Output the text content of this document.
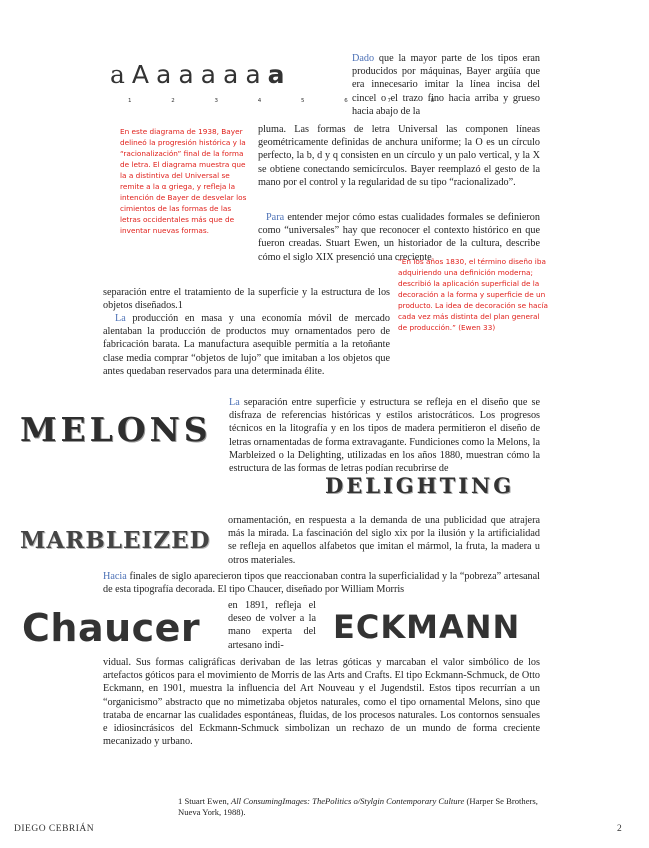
a A a a a a a a
1 2 3 4 5 6 7 8
En este diagrama de 1938, Bayer delineó la progresión histórica y la “racionalización” final de la forma de letra. El diagrama muestra que la a distintiva del Universal se remite a la α griega, y refleja la intención de Bayer de desvelar los cimientos de las formas de las letras occidentales más que de inventar nuevas formas.
Dado que la mayor parte de los tipos eran producidos por máquinas, Bayer argüía que era innecesario imitar la línea incisa del cincel o el trazo fino hacia arriba y grueso hacia abajo de la
pluma. Las formas de letra Universal las componen líneas geométricamente definidas de anchura uniforme; la O es un círculo perfecto, la b, d y q consisten en un círculo y un palo vertical, y la X se obtiene conectando semicírculos. Bayer reemplazó el gesto de la mano por el control y la regularidad de su tipo “racionalizado”.
Para entender mejor cómo estas cualidades formales se definieron como “universales” hay que reconocer el contexto histórico en que fueron creadas. Stuart Ewen, un historiador de la cultura, describe cómo el siglo XIX presenció una creciente
“En los años 1830, el término diseño iba adquiriendo una definición moderna; describió la aplicación superficial de la decoración a la forma y superficie de un producto. La idea de decoración se hacía cada vez más distinta del plan general de producción.” (Ewen 33)
separación entre el tratamiento de la superficie y la estructura de los objetos diseñados.1
La producción en masa y una economía móvil de mercado alentaban la producción de productos muy ornamentados pero de fabricación barata. La manufactura asequible permitía a la retoñante clase media comprar “objetos de lujo” que imitaban a los objetos que antes quedaban reservados para una determinada élite.
MELONS
DELIGHTING
MARBLEIZED
Chaucer	ECKMANN
La separación entre superficie y estructura se refleja en el diseño que se disfraza de referencias históricas y estilos aristocráticos. Los progresos técnicos en la litografía y en los tipos de madera permitieron el diseño de letras ornamentadas de forma extravagante. Fundiciones como la Melons, la Marbleized o la Delighting, utilizadas en los años 1880, muestran cómo la estructura de las formas de letras podían recubrirse de
ornamentación, en respuesta a la demanda de una publicidad que atrajera más la mirada. La fascinación del siglo xix por la ilusión y la artificialidad se refleja en aquellos alfabetos que imitan el mármol, la fruta, la madera u otros materiales.
Hacia finales de siglo aparecieron tipos que reaccionaban contra la superficialidad y la “pobreza” artesanal de esta tipografía decorada. El tipo Chaucer, diseñado por William Morris
en 1891, refleja el deseo de volver a la mano experta del artesano indi-
vidual. Sus formas caligráficas derivaban de las letras góticas y marcaban el valor simbólico de los artefactos góticos para el movimiento de Morris de las Arts and Crafts. El tipo Eckmann-Schmuck, de Otto Eckmann, en 1901, muestra la influencia del Art Nouveau y el Jugendstil. Estos tipos recurrían a un “organicismo” abstracto que no mimetizaba objetos naturales, como el tipo ornamental Melons, sino que trataba de encarnar las cualidades espontáneas, fluidas, de los procesos naturales. Los contornos sensuales e idiosincrásicos del Eckmann-Schmuck simbolizan un rechazo de un mundo de forma creciente mecanizado y urbano.
1 Stuart Ewen, All ConsumingImages: ThePolitics o/Stylgin Contemporary Culture (Harper Se Brothers, Nueva York, 1988).
DIEGO CEBRIÁN	2
